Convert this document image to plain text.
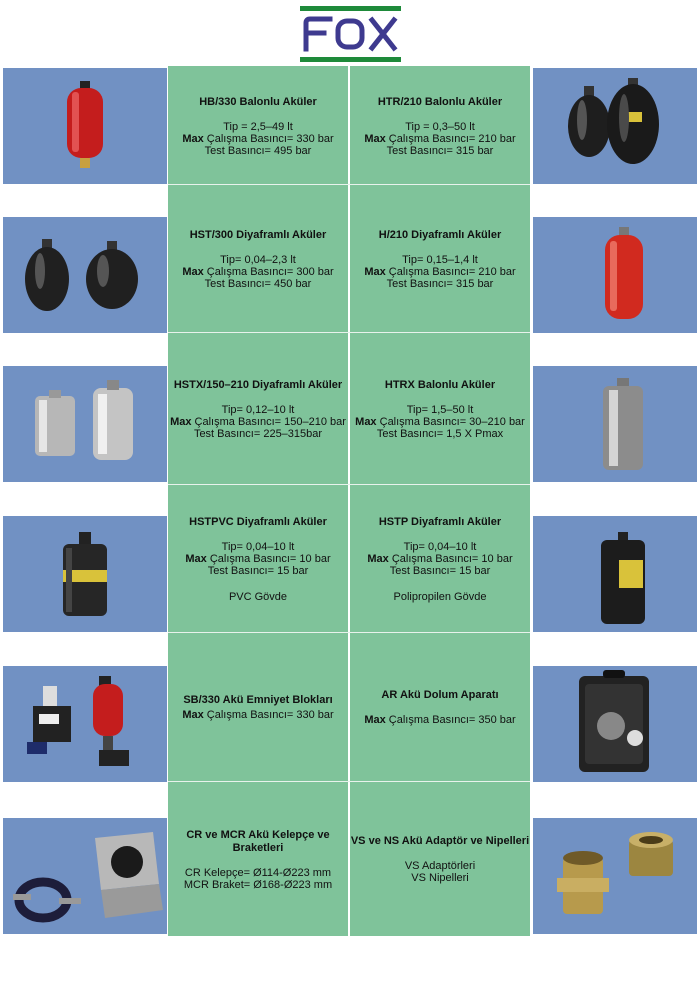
HB/330 Balonlu Aküler
Tip = 2,5–49 lt
Max Çalışma Basıncı= 330 bar
Test Basıncı= 495 bar
HTR/210 Balonlu Aküler
Tip = 0,3–50 lt
Max Çalışma Basıncı= 210 bar
Test Basıncı= 315 bar
HST/300 Diyaframlı Aküler
Tip= 0,04–2,3 lt
Max Çalışma Basıncı= 300 bar
Test Basıncı= 450 bar
H/210 Diyaframlı Aküler
Tip= 0,15–1,4 lt
Max Çalışma Basıncı= 210 bar
Test Basıncı= 315 bar
HSTX/150–210 Diyaframlı Aküler
Tip= 0,12–10 lt
Max Çalışma Basıncı= 150–210 bar
Test Basıncı= 225–315bar
HTRX Balonlu Aküler
Tip= 1,5–50 lt
Max Çalışma Basıncı= 30–210 bar
Test Basıncı= 1,5 X Pmax
HSTPVC Diyaframlı Aküler
Tip= 0,04–10 lt
Max Çalışma Basıncı= 10 bar
Test Basıncı= 15 bar
PVC Gövde
HSTP Diyaframlı Aküler
Tip= 0,04–10 lt
Max Çalışma Basıncı= 10 bar
Test Basıncı= 15 bar
Polipropilen Gövde
SB/330 Akü Emniyet Blokları
Max Çalışma Basıncı= 330 bar
AR Akü Dolum Aparatı
Max Çalışma Basıncı= 350 bar
CR ve MCR Akü Kelepçe ve Braketleri
CR Kelepçe= Ø114-Ø223 mm
MCR Braket= Ø168-Ø223 mm
VS ve NS Akü Adaptör ve Nipelleri
VS Adaptörleri
VS Nipelleri
